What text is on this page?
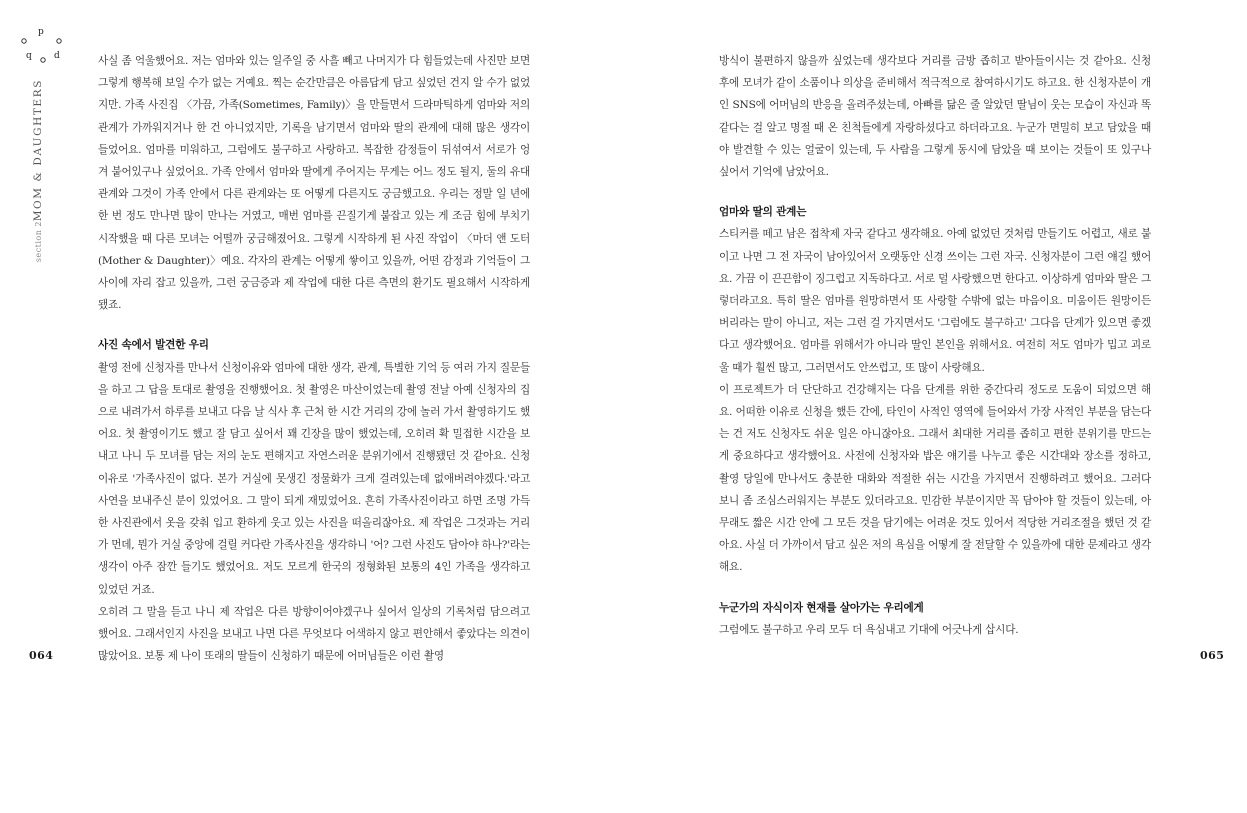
p
q d
MOM & DAUGHTERS
section 2

사실 좀 억울했어요. 저는 엄마와 있는 일주일 중 사흘 빼고 나머지가 다 힘들었는데 사진만 보면 그렇게 행복해 보일 수가 없는 거예요. 찍는 순간만큼은 아름답게 담고 싶었던 건지 알 수가 없었지만. 가족 사진집 〈가끔, 가족(Sometimes, Family)〉을 만들면서 드라마틱하게 엄마와 저의 관계가 가까워지거나 한 건 아니었지만, 기록을 남기면서 엄마와 딸의 관계에 대해 많은 생각이 들었어요. 엄마를 미워하고, 그럼에도 불구하고 사랑하고. 복잡한 감정들이 뒤섞여서 서로가 엉겨 붙어있구나 싶었어요. 가족 안에서 엄마와 딸에게 주어지는 무게는 어느 정도 될지, 둘의 유대관계와 그것이 가족 안에서 다른 관계와는 또 어떻게 다른지도 궁금했고요. 우리는 정말 일 년에 한 번 정도 만나면 많이 만나는 거였고, 매번 엄마를 끈질기게 붙잡고 있는 게 조금 힘에 부치기 시작했을 때 다른 모녀는 어떨까 궁금해졌어요. 그렇게 시작하게 된 사진 작업이 〈마더 앤 도터(Mother & Daughter)〉예요. 각자의 관계는 어떻게 쌓이고 있을까, 어떤 감정과 기억들이 그사이에 자리 잡고 있을까, 그런 궁금증과 제 작업에 대한 다른 측면의 환기도 필요해서 시작하게 됐죠.

사진 속에서 발견한 우리

촬영 전에 신청자를 만나서 신청이유와 엄마에 대한 생각, 관계, 특별한 기억 등 여러 가지 질문들을 하고 그 답을 토대로 촬영을 진행했어요. 첫 촬영은 마산이었는데 촬영 전날 아예 신청자의 집으로 내려가서 하루를 보내고 다음 날 식사 후 근처 한 시간 거리의 강에 놀러 가서 촬영하기도 했어요. 첫 촬영이기도 했고 잘 담고 싶어서 꽤 긴장을 많이 했었는데, 오히려 확 밀접한 시간을 보내고 나니 두 모녀를 담는 저의 눈도 편해지고 자연스러운 분위기에서 진행됐던 것 같아요. 신청이유로 '가족사진이 없다. 본가 거실에 못생긴 정물화가 크게 걸려있는데 없애버려야겠다.'라고 사연을 보내주신 분이 있었어요. 그 말이 되게 재밌었어요. 흔히 가족사진이라고 하면 조명 가득한 사진관에서 옷을 갖춰 입고 환하게 웃고 있는 사진을 떠올리잖아요. 제 작업은 그것과는 거리가 먼데, 뭔가 거실 중앙에 걸릴 커다란 가족사진을 생각하니 '어? 그런 사진도 담아야 하나?'라는 생각이 아주 잠깐 들기도 했었어요. 저도 모르게 한국의 정형화된 보통의 4인 가족을 생각하고 있었던 거죠.

오히려 그 말을 듣고 나니 제 작업은 다른 방향이어야겠구나 싶어서 일상의 기록처럼 담으려고 했어요. 그래서인지 사진을 보내고 나면 다른 무엇보다 어색하지 않고 편안해서 좋았다는 의견이 많았어요. 보통 제 나이 또래의 딸들이 신청하기 때문에 어머님들은 이런 촬영

064

방식이 불편하지 않을까 싶었는데 생각보다 거리를 금방 좁히고 받아들이시는 것 같아요. 신청 후에 모녀가 같이 소품이나 의상을 준비해서 적극적으로 참여하시기도 하고요. 한 신청자분이 개인 SNS에 어머님의 반응을 올려주셨는데, 아빠를 닮은 줄 알았던 딸님이 웃는 모습이 자신과 똑같다는 걸 알고 명절 때 온 친척들에게 자랑하셨다고 하더라고요. 누군가 면밀히 보고 담았을 때야 발견할 수 있는 얼굴이 있는데, 두 사람을 그렇게 동시에 담았을 때 보이는 것들이 또 있구나 싶어서 기억에 남았어요.

엄마와 딸의 관계는

스티커를 떼고 남은 접착제 자국 같다고 생각해요. 아예 없었던 것처럼 만들기도 어렵고, 새로 붙이고 나면 그 전 자국이 남아있어서 오랫동안 신경 쓰이는 그런 자국. 신청자분이 그런 얘길 했어요. 가끔 이 끈끈함이 징그럽고 지독하다고. 서로 덜 사랑했으면 한다고. 이상하게 엄마와 딸은 그렇더라고요. 특히 딸은 엄마를 원망하면서 또 사랑할 수밖에 없는 마음이요. 미움이든 원망이든 버리라는 말이 아니고, 저는 그런 걸 가지면서도 '그럼에도 불구하고' 그다음 단계가 있으면 좋겠다고 생각했어요. 엄마를 위해서가 아니라 딸인 본인을 위해서요. 여전히 저도 엄마가 밉고 괴로울 때가 훨씬 많고, 그러면서도 안쓰럽고, 또 많이 사랑해요.

이 프로젝트가 더 단단하고 건강해지는 다음 단계를 위한 중간다리 정도로 도움이 되었으면 해요. 어떠한 이유로 신청을 했든 간에, 타인이 사적인 영역에 들어와서 가장 사적인 부분을 담는다는 건 저도 신청자도 쉬운 일은 아니잖아요. 그래서 최대한 거리를 좁히고 편한 분위기를 만드는 게 중요하다고 생각했어요. 사전에 신청자와 밥은 얘기를 나누고 좋은 시간대와 장소를 정하고, 촬영 당일에 만나서도 충분한 대화와 적절한 쉬는 시간을 가지면서 진행하려고 했어요. 그러다 보니 좀 조심스러워지는 부분도 있더라고요. 민감한 부분이지만 꼭 담아야 할 것들이 있는데, 아무래도 짧은 시간 안에 그 모든 것을 담기에는 어려운 것도 있어서 적당한 거리조절을 했던 것 같아요. 사실 더 가까이서 담고 싶은 저의 욕심을 어떻게 잘 전달할 수 있을까에 대한 문제라고 생각해요.

누군가의 자식이자 현재를 살아가는 우리에게

그럼에도 불구하고 우리 모두 더 욕심내고 기대에 어긋나게 삽시다.

065
